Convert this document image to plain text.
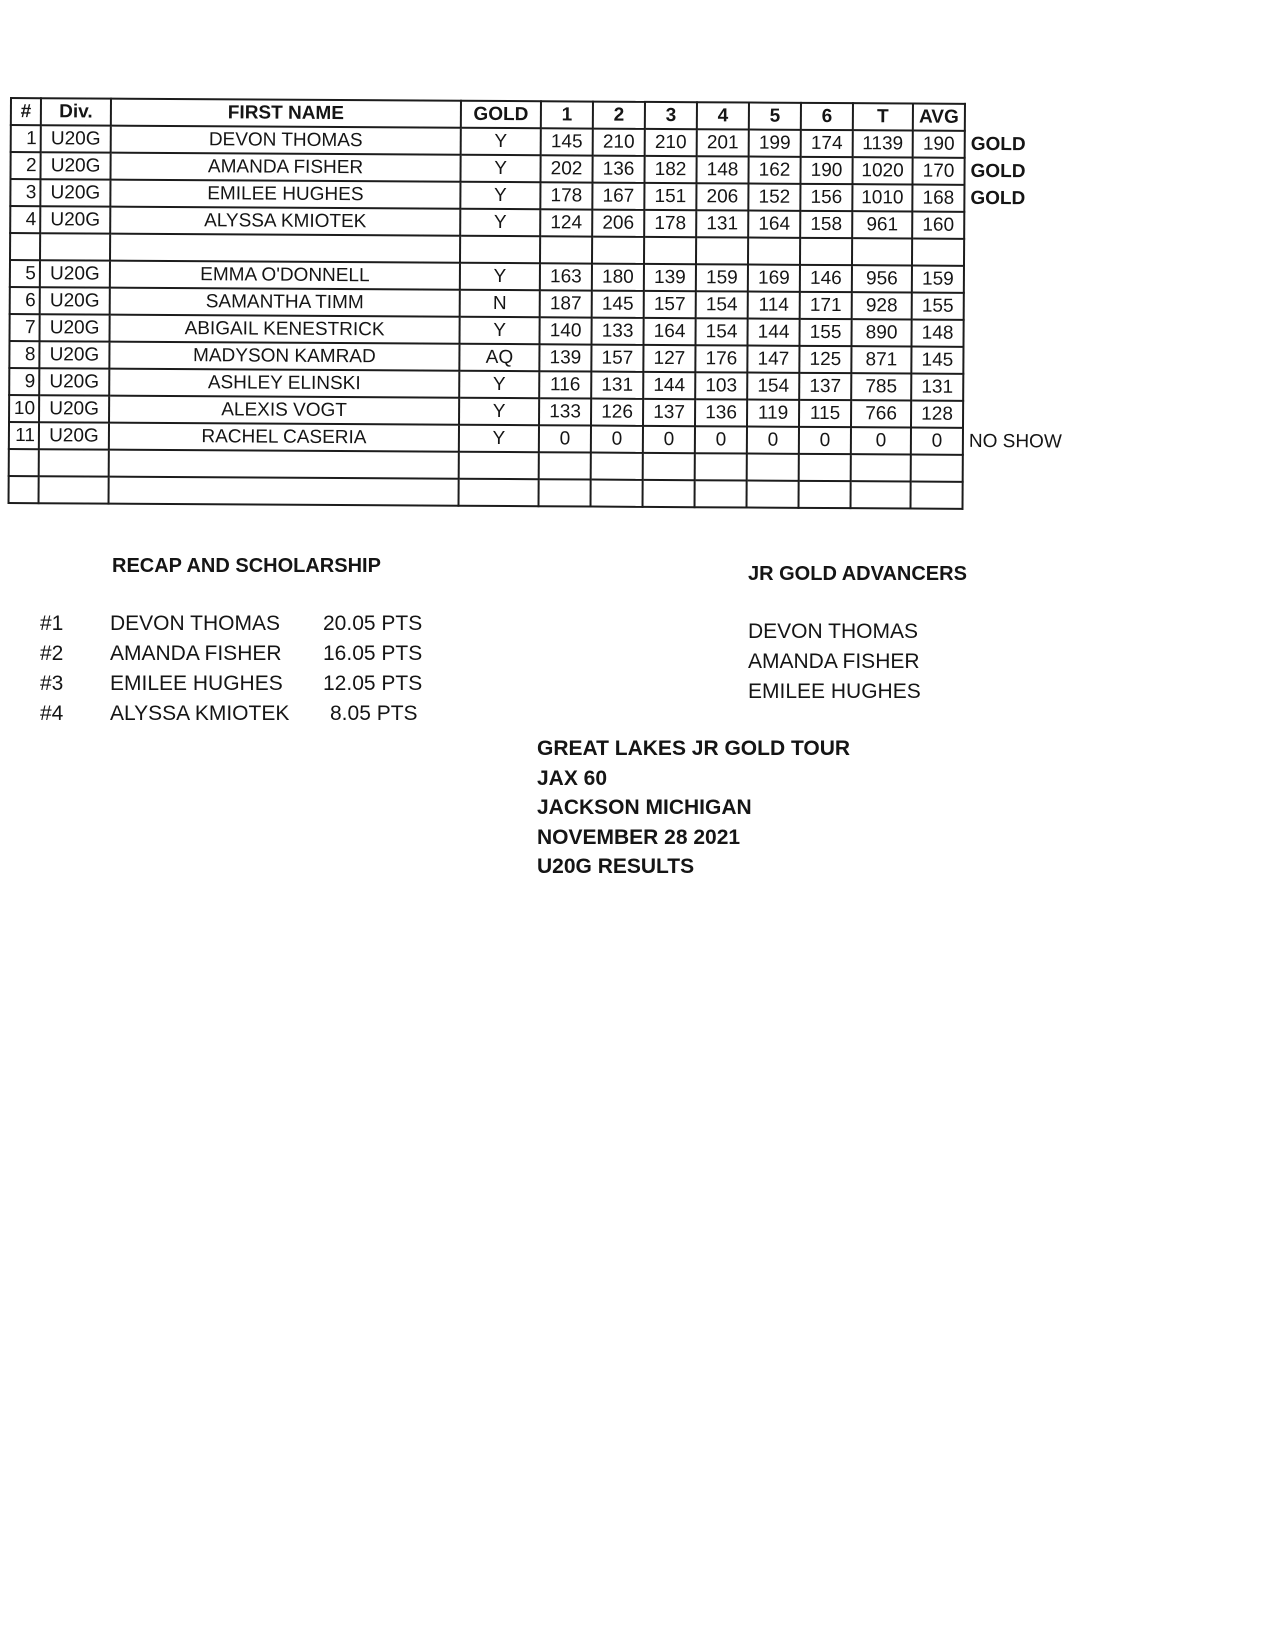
#	Div.	FIRST NAME	GOLD	1	2	3	4	5	6	T	AVG	
1	U20G	DEVON THOMAS	Y	145	210	210	201	199	174	1139	190	GOLD
2	U20G	AMANDA FISHER	Y	202	136	182	148	162	190	1020	170	GOLD
3	U20G	EMILEE HUGHES	Y	178	167	151	206	152	156	1010	168	GOLD
4	U20G	ALYSSA KMIOTEK	Y	124	206	178	131	164	158	961	160	

5	U20G	EMMA O'DONNELL	Y	163	180	139	159	169	146	956	159	
6	U20G	SAMANTHA TIMM	N	187	145	157	154	114	171	928	155	
7	U20G	ABIGAIL KENESTRICK	Y	140	133	164	154	144	155	890	148	
8	U20G	MADYSON KAMRAD	AQ	139	157	127	176	147	125	871	145	
9	U20G	ASHLEY ELINSKI	Y	116	131	144	103	154	137	785	131	
10	U20G	ALEXIS VOGT	Y	133	126	137	136	119	115	766	128	
11	U20G	RACHEL CASERIA	Y	0	0	0	0	0	0	0	0	NO SHOW

RECAP AND SCHOLARSHIP
#1 DEVON THOMAS 20.05 PTS
#2 AMANDA FISHER 16.05 PTS
#3 EMILEE HUGHES 12.05 PTS
#4 ALYSSA KMIOTEK 8.05 PTS
JR GOLD ADVANCERS
DEVON THOMAS
AMANDA FISHER
EMILEE HUGHES
GREAT LAKES JR GOLD TOUR
JAX 60
JACKSON MICHIGAN
NOVEMBER 28 2021
U20G RESULTS
